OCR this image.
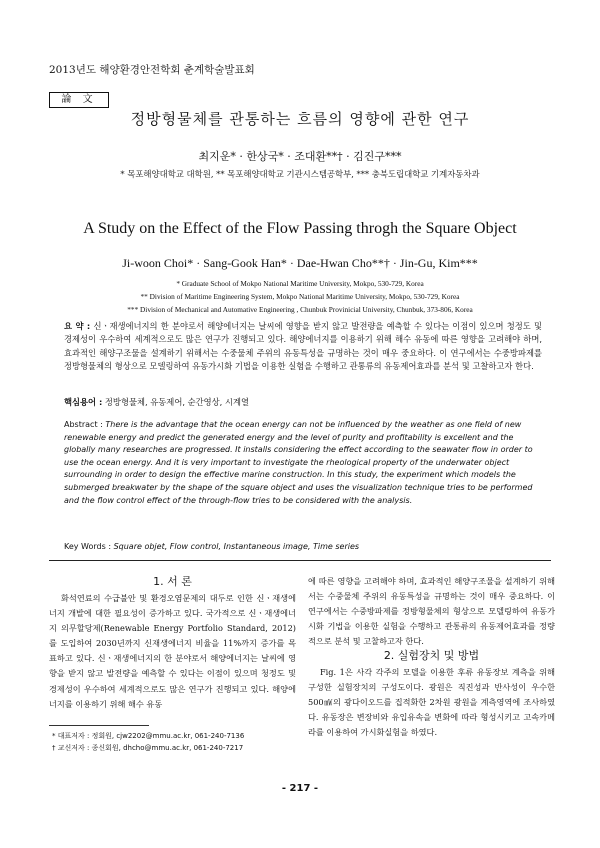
2013년도 해양환경안전학회 춘계학술발표회
論 文
정방형물체를 관통하는 흐름의 영향에 관한 연구
최지운* · 한상국* · 조대환**† · 김진구***
* 목포해양대학교 대학원, ** 목포해양대학교 기관시스템공학부, *** 충북도립대학교 기계자동차과
A Study on the Effect of the Flow Passing throgh the Square Object
Ji-woon Choi* · Sang-Gook Han* · Dae-Hwan Cho**† · Jin-Gu, Kim***
* Graduate School of Mokpo National Maritime University, Mokpo, 530-729, Korea
** Division of Maritime Engineering System, Mokpo National Maritime University, Mokpo, 530-729, Korea
*** Division of Mechanical and Automative Engineering , Chunbuk Provinicial University, Chunbuk, 373-806, Korea
요 약 : 신ㆍ재생에너지의 한 분야로서 해양에너지는 날씨에 영향을 받지 않고 발전량을 예측할 수 있다는 이점이 있으며 청정도 및 경제성이 우수하여 세계적으로도 많은 연구가 진행되고 있다. 해양에너지를 이용하기 위해 해수 유동에 따른 영향을 고려해야 하며, 효과적인 해양구조물을 설계하기 위해서는 수중물체 주위의 유동특성을 규명하는 것이 매우 중요하다. 이 연구에서는 수중방파제를 정방형물체의 형상으로 모델링하여 유동가시화 기법을 이용한 실험을 수행하고 관통류의 유동제어효과를 분석 및 고찰하고자 한다.
핵심용어 : 정방형물체, 유동제어, 순간영상, 시계열
Abstract : There is the advantage that the ocean energy can not be influenced by the weather as one field of new renewable energy and predict the generated energy and the level of purity and profitability is excellent and the globally many researches are progressed. It installs considering the effect according to the seawater flow in order to use the ocean energy. And it is very important to investigate the rheological property of the underwater object surrounding in order to design the effective marine construction. In this study, the experiment which models the submerged breakwater by the shape of the square object and uses the visualization technique tries to be performed and the flow control effect of the through-flow tries to be considered with the analysis.
Key Words : Square objet, Flow control, Instantaneous image, Time series
1. 서 론
화석연료의 수급불안 및 환경오염문제의 대두로 인한 신ㆍ재생에너지 개발에 대한 필요성이 증가하고 있다. 국가적으로 신ㆍ재생에너지 의무할당제(Renewable Energy Portfolio Standard, 2012)를 도입하여 2030년까지 신재생에너지 비율을 11%까지 증가를 목표하고 있다. 신ㆍ재생에너지의 한 분야로서 해양에너지는 날씨에 영향을 받지 않고 발전량을 예측할 수 있다는 이점이 있으며 청정도 및 경제성이 우수하여 세계적으로도 많은 연구가 진행되고 있다. 해양에너지를 이용하기 위해 해수 유동
에 따른 영향을 고려해야 하며, 효과적인 해양구조물을 설계하기 위해서는 수중물체 주위의 유동특성을 규명하는 것이 매우 중요하다. 이 연구에서는 수중방파제를 정방형물체의 형상으로 모델링하여 유동가시화 기법을 이용한 실험을 수행하고 관통류의 유동제어효과를 정량적으로 분석 및 고찰하고자 한다.
2. 실험장치 및 방법
Fig. 1은 사각 각주의 모델을 이용한 후류 유동장보 계측을 위해 구성한 실험장치의 구성도이다. 광원은 직진성과 반사성이 우수한 500㎽의 광다이오드를 집적화한 2차원 광원을 계측영역에 조사하였다. 유동장은 변장비와 유입유속을 변화에 따라 형성시키고 고속카메라를 이용하여 가시화실험을 하였다.
* 대표저자 : 정회원, cjw2202@mmu.ac.kr, 061-240-7136
† 교신저자 : 종신회원, dhcho@mmu.ac.kr, 061-240-7217
- 217 -
